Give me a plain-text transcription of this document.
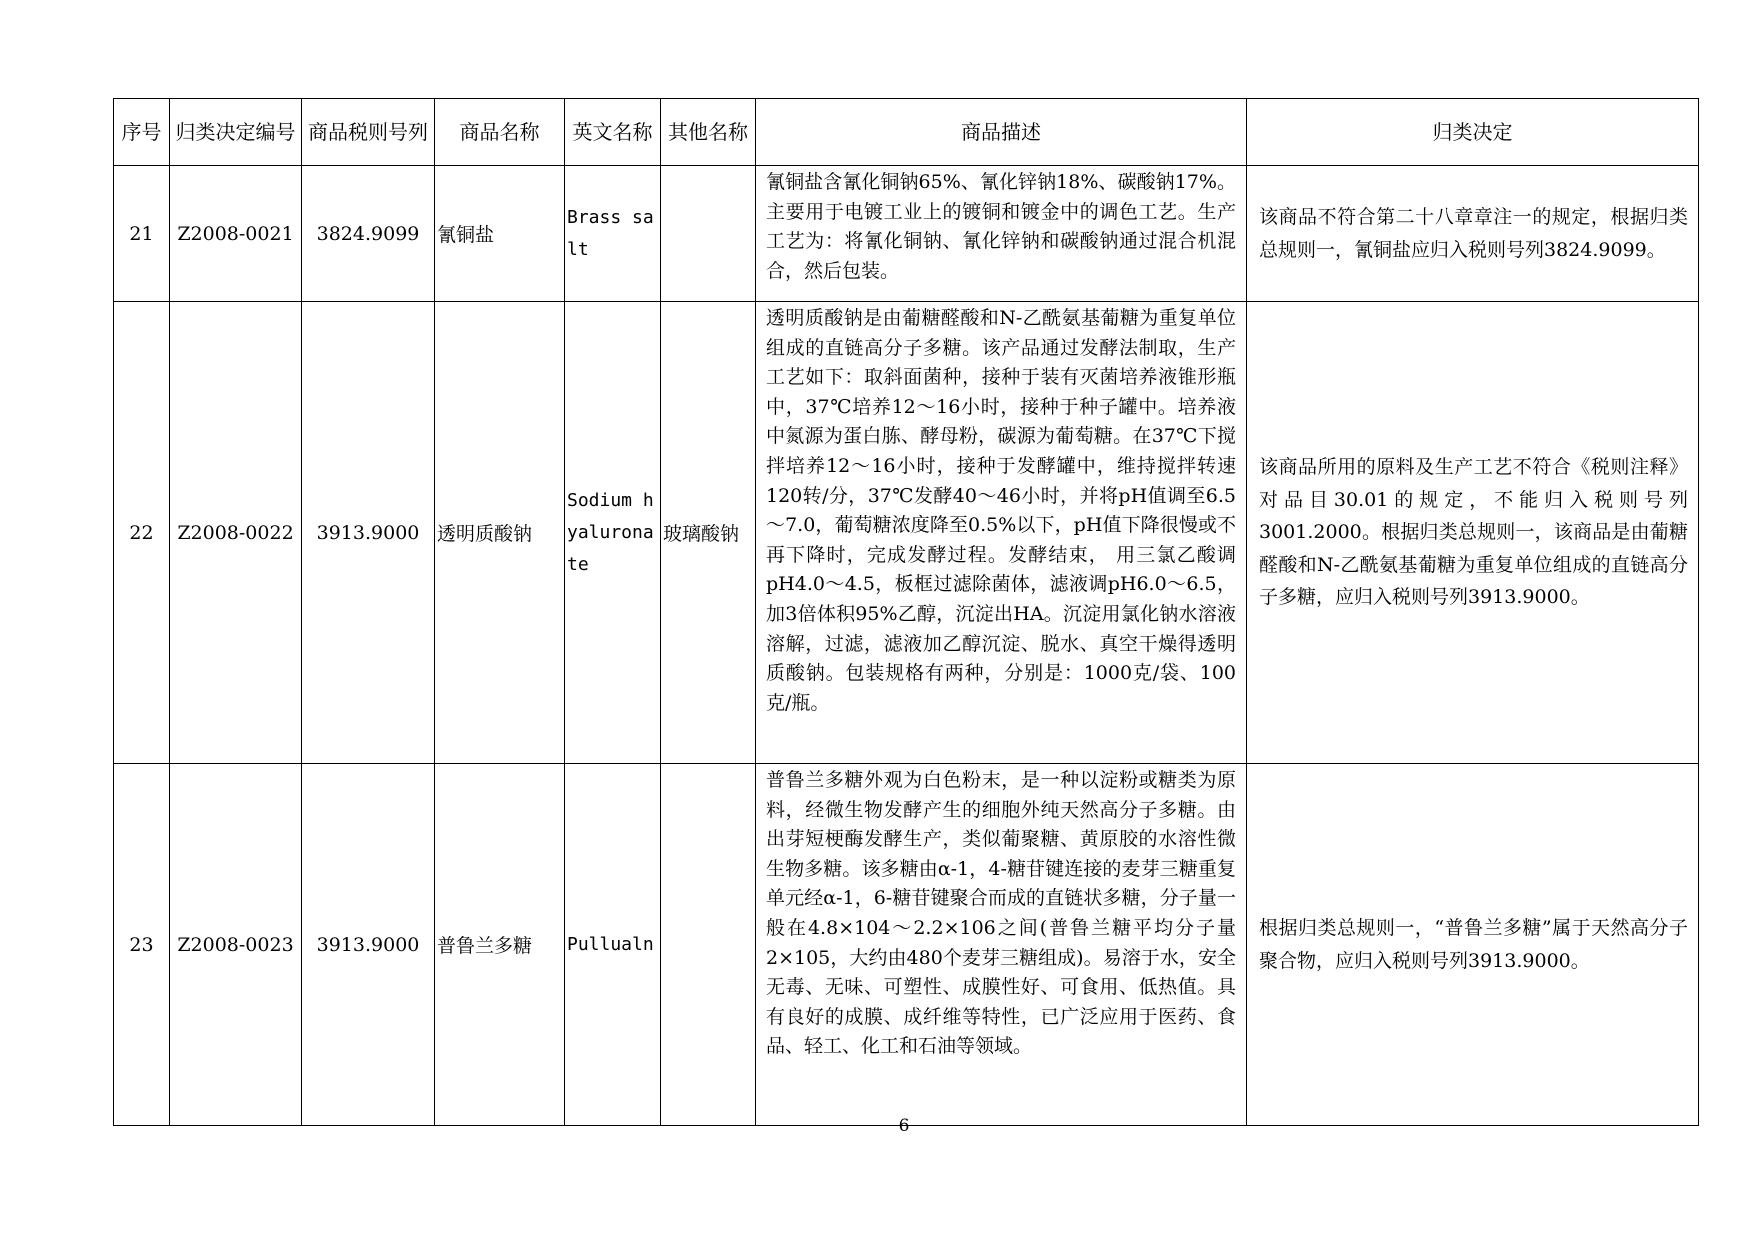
序号	归类决定编号	商品税则号列	商品名称	英文名称	其他名称	商品描述	归类决定
21	Z2008-0021	3824.9099	氰铜盐	Brass salt		氰铜盐含氰化铜钠65%、氰化锌钠18%、碳酸钠17%。主要用于电镀工业上的镀铜和镀金中的调色工艺。生产工艺为：将氰化铜钠、氰化锌钠和碳酸钠通过混合机混合，然后包装。	该商品不符合第二十八章章注一的规定，根据归类总规则一，氰铜盐应归入税则号列3824.9099。
22	Z2008-0022	3913.9000	透明质酸钠	Sodium hyaluronate	玻璃酸钠	透明质酸钠是由葡糖醛酸和N-乙酰氨基葡糖为重复单位组成的直链高分子多糖。该产品通过发酵法制取，生产工艺如下：取斜面菌种，接种于装有灭菌培养液锥形瓶中，37℃培养12～16小时，接种于种子罐中。培养液中氮源为蛋白胨、酵母粉，碳源为葡萄糖。在37℃下搅拌培养12～16小时，接种于发酵罐中，维持搅拌转速120转/分，37℃发酵40～46小时，并将pH值调至6.5～7.0，葡萄糖浓度降至0.5%以下，pH值下降很慢或不再下降时，完成发酵过程。发酵结束， 用三氯乙酸调pH4.0～4.5，板框过滤除菌体，滤液调pH6.0～6.5，加3倍体积95%乙醇，沉淀出HA。沉淀用氯化钠水溶液溶解，过滤，滤液加乙醇沉淀、脱水、真空干燥得透明质酸钠。包装规格有两种，分别是：1000克/袋、100克/瓶。	该商品所用的原料及生产工艺不符合《税则注释》对品目30.01的规定，不能归入税则号列3001.2000。根据归类总规则一，该商品是由葡糖醛酸和N-乙酰氨基葡糖为重复单位组成的直链高分子多糖，应归入税则号列3913.9000。
23	Z2008-0023	3913.9000	普鲁兰多糖	Pullualn		普鲁兰多糖外观为白色粉末，是一种以淀粉或糖类为原料，经微生物发酵产生的细胞外纯天然高分子多糖。由出芽短梗酶发酵生产，类似葡聚糖、黄原胶的水溶性微生物多糖。该多糖由α-1，4-糖苷键连接的麦芽三糖重复单元经α-1，6-糖苷键聚合而成的直链状多糖，分子量一般在4.8×104～2.2×106之间(普鲁兰糖平均分子量2×105，大约由480个麦芽三糖组成)。易溶于水，安全无毒、无味、可塑性、成膜性好、可食用、低热值。具有良好的成膜、成纤维等特性，已广泛应用于医药、食品、轻工、化工和石油等领域。	根据归类总规则一，“普鲁兰多糖”属于天然高分子聚合物，应归入税则号列3913.9000。
6
